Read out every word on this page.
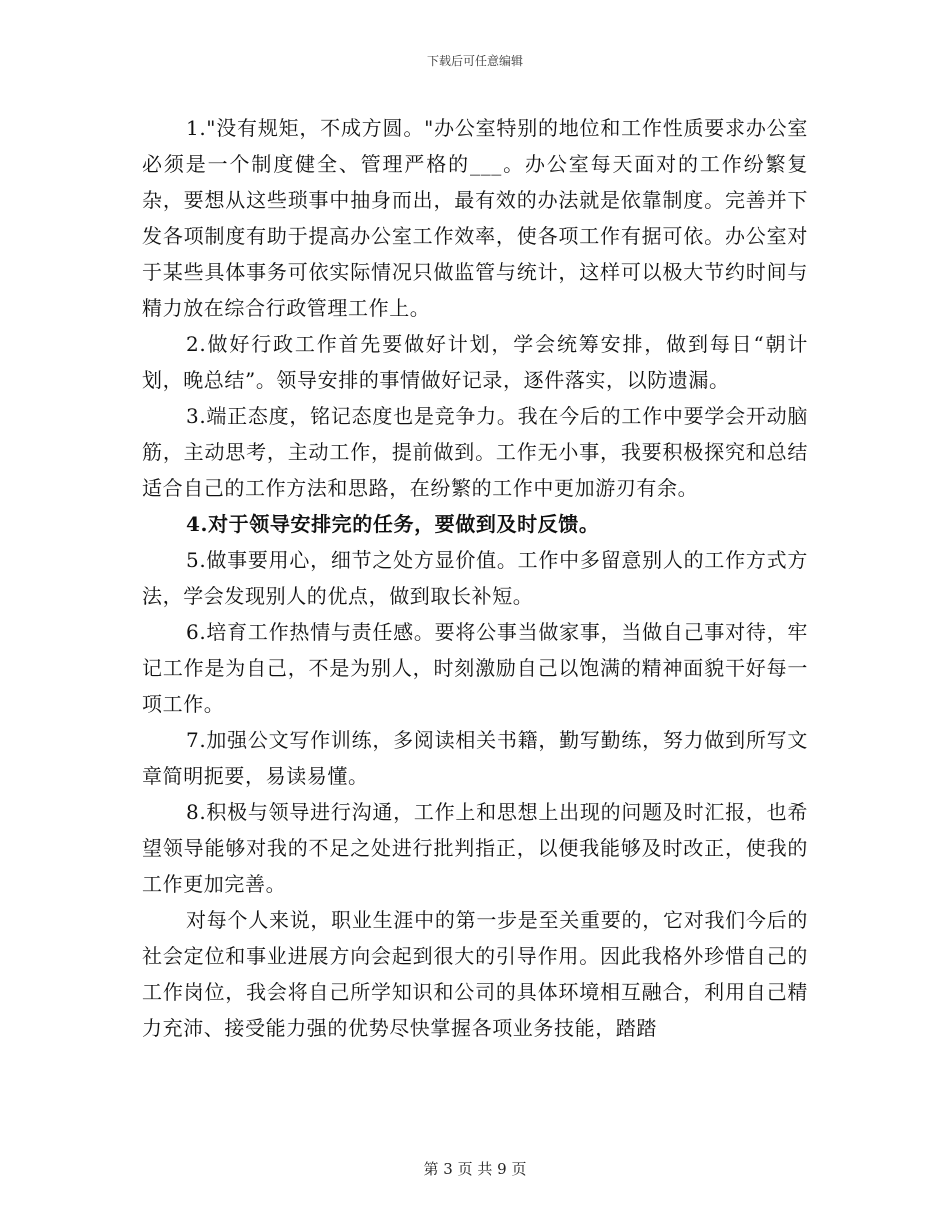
下载后可任意编辑

1."没有规矩，不成方圆。"办公室特别的地位和工作性质要求办公室必须是一个制度健全、管理严格的___。办公室每天面对的工作纷繁复杂，要想从这些琐事中抽身而出，最有效的办法就是依靠制度。完善并下发各项制度有助于提高办公室工作效率，使各项工作有据可依。办公室对于某些具体事务可依实际情况只做监管与统计，这样可以极大节约时间与精力放在综合行政管理工作上。

2.做好行政工作首先要做好计划，学会统筹安排，做到每日“朝计划，晚总结”。领导安排的事情做好记录，逐件落实，以防遗漏。

3.端正态度，铭记态度也是竞争力。我在今后的工作中要学会开动脑筋，主动思考，主动工作，提前做到。工作无小事，我要积极探究和总结适合自己的工作方法和思路，在纷繁的工作中更加游刃有余。

4.对于领导安排完的任务，要做到及时反馈。

5.做事要用心，细节之处方显价值。工作中多留意别人的工作方式方法，学会发现别人的优点，做到取长补短。

6.培育工作热情与责任感。要将公事当做家事，当做自己事对待，牢记工作是为自己，不是为别人，时刻激励自己以饱满的精神面貌干好每一项工作。

7.加强公文写作训练，多阅读相关书籍，勤写勤练，努力做到所写文章简明扼要，易读易懂。

8.积极与领导进行沟通，工作上和思想上出现的问题及时汇报，也希望领导能够对我的不足之处进行批判指正，以便我能够及时改正，使我的工作更加完善。

对每个人来说，职业生涯中的第一步是至关重要的，它对我们今后的社会定位和事业进展方向会起到很大的引导作用。因此我格外珍惜自己的工作岗位，我会将自己所学知识和公司的具体环境相互融合，利用自己精力充沛、接受能力强的优势尽快掌握各项业务技能，踏踏

第 3 页 共 9 页
